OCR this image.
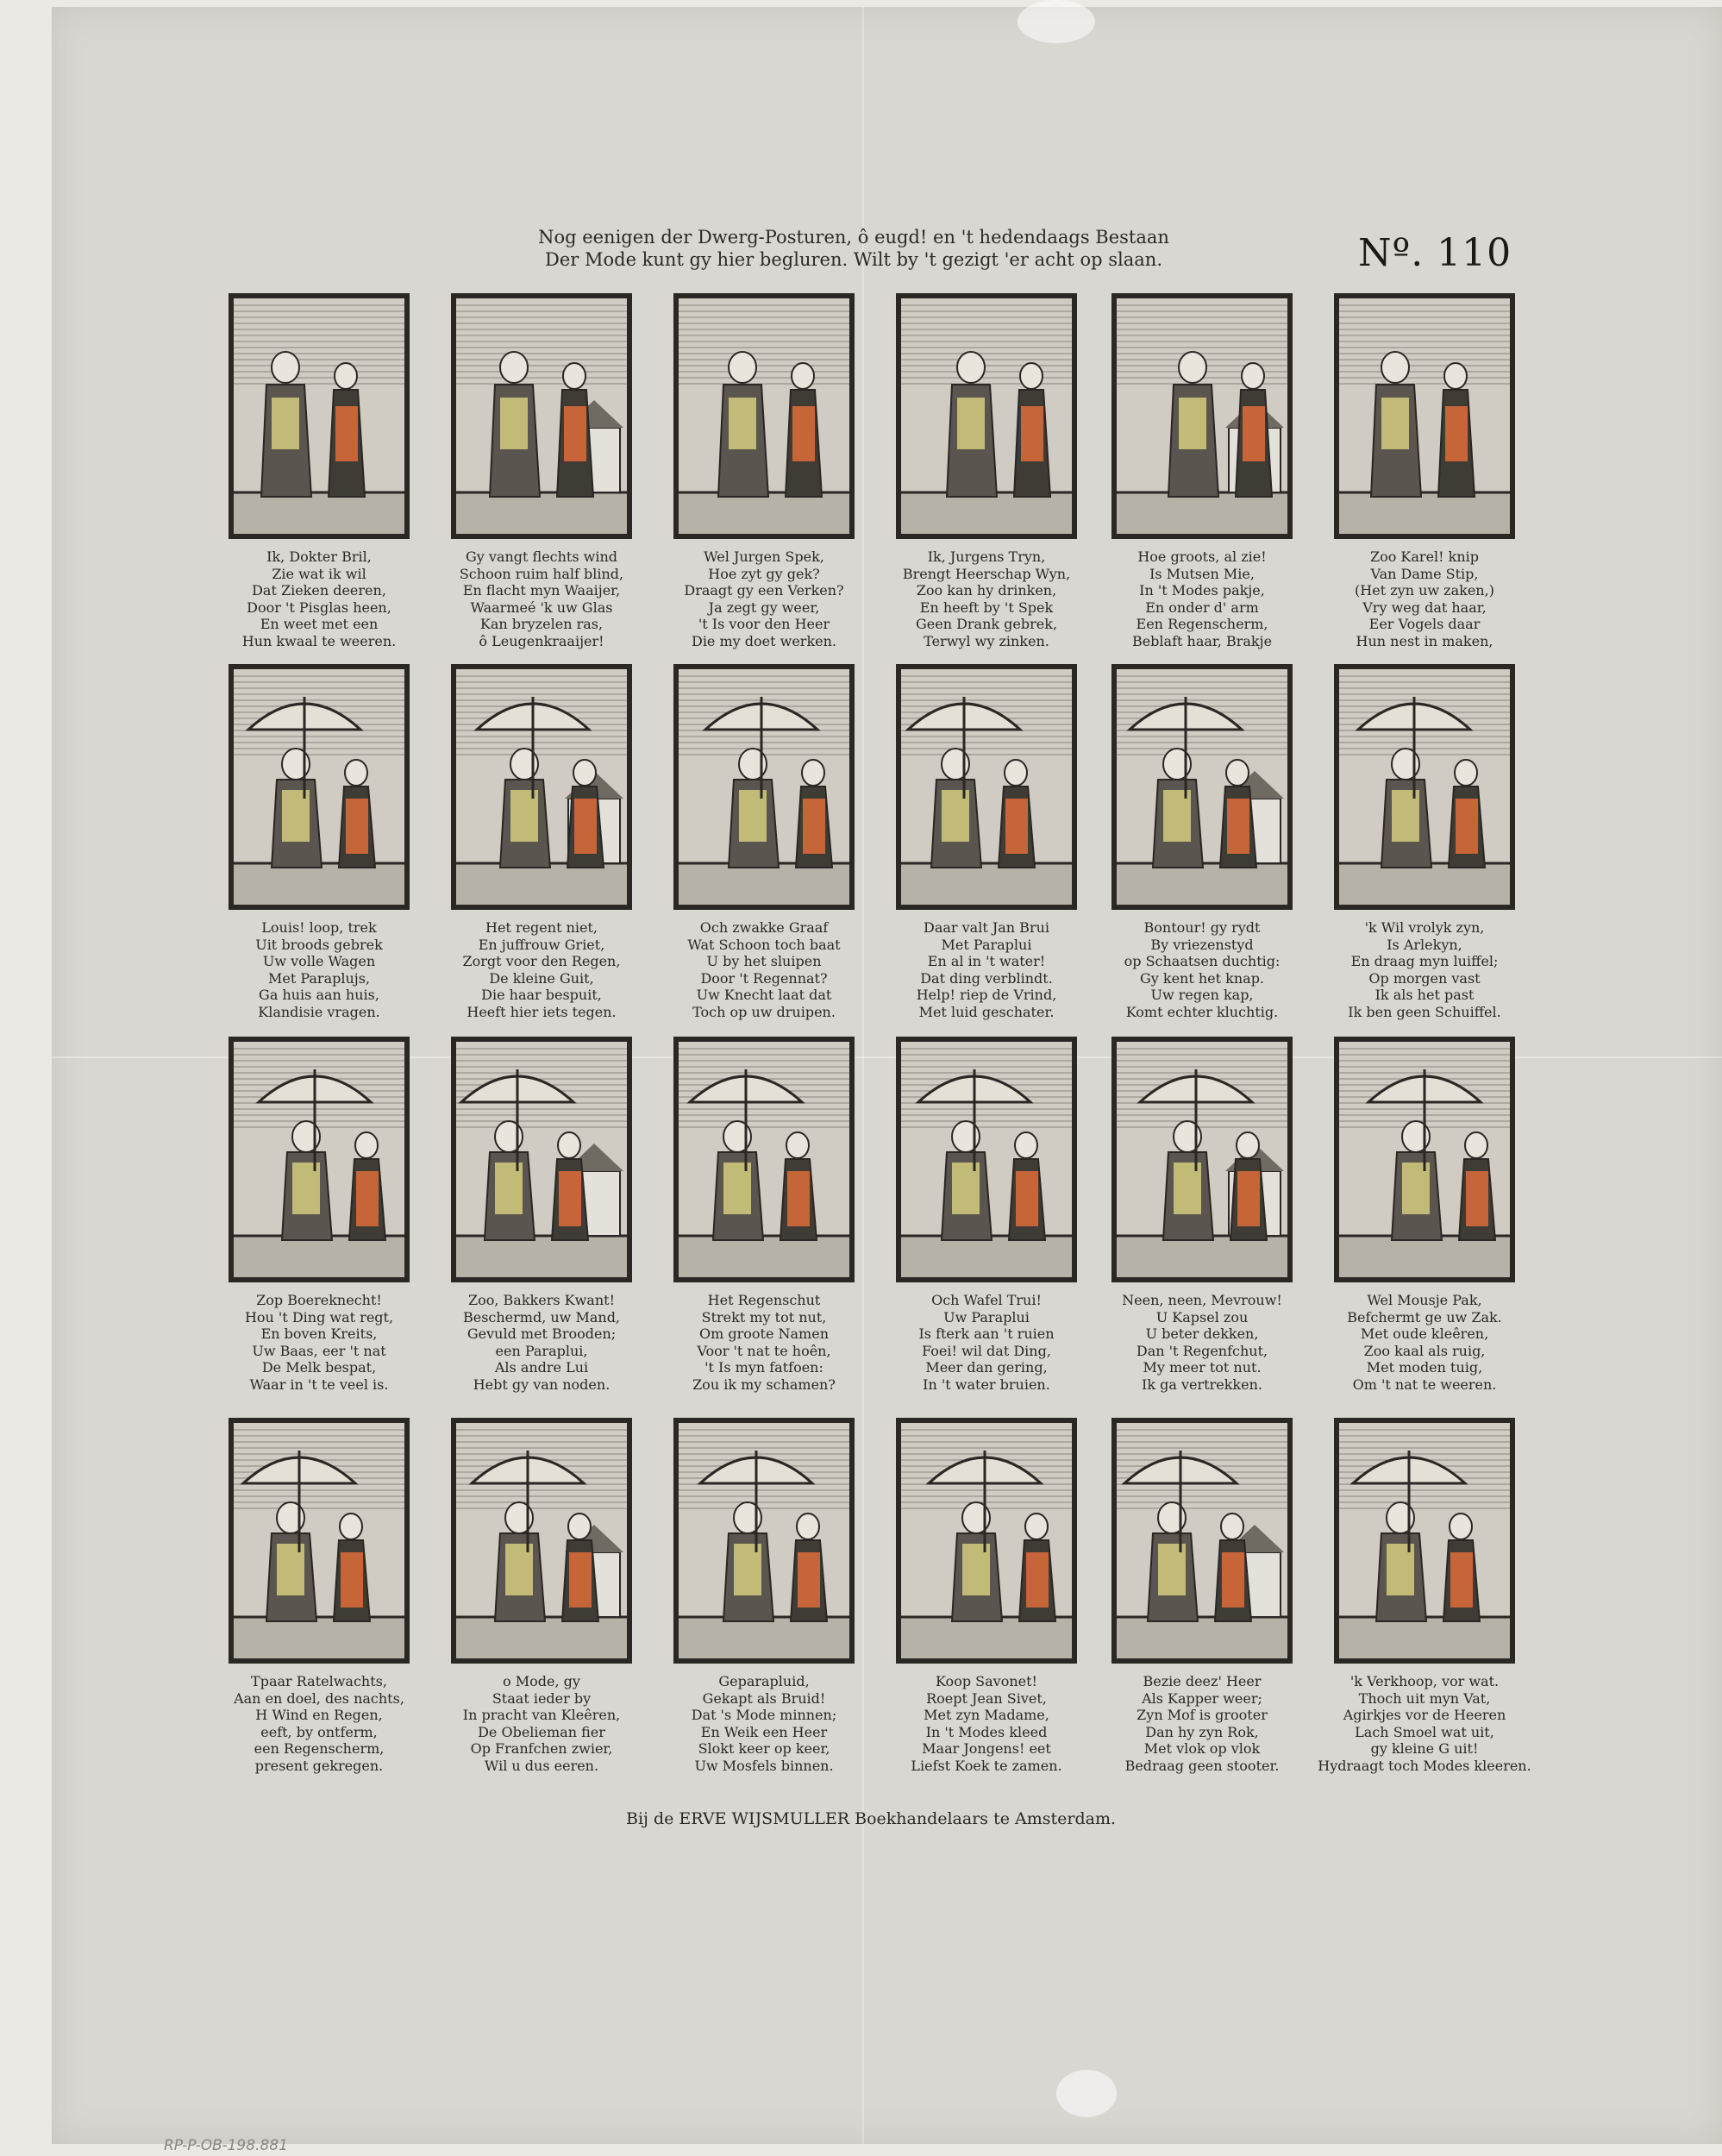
Nog eenigen der Dwerg-Posturen, ô eugd! en 't hedendaags Bestaan
Der Mode kunt gy hier begluren. Wilt by 't gezigt 'er acht op slaan.	Nº. 110
Ik, Dokter Bril,
Zie wat ik wil
Dat Zieken deeren,
Door 't Pisglas heen,
En weet met een
Hun kwaal te weeren.
Gy vangt flechts wind
Schoon ruim half blind,
En flacht myn Waaijer,
Waarmeé 'k uw Glas
Kan bryzelen ras,
ô Leugenkraaijer!
Wel Jurgen Spek,
Hoe zyt gy gek?
Draagt gy een Verken?
Ja zegt gy weer,
't Is voor den Heer
Die my doet werken.
Ik, Jurgens Tryn,
Brengt Heerschap Wyn,
Zoo kan hy drinken,
En heeft by 't Spek
Geen Drank gebrek,
Terwyl wy zinken.
Hoe groots, al zie!
Is Mutsen Mie,
In 't Modes pakje,
En onder d' arm
Een Regenscherm,
Beblaft haar, Brakje
Zoo Karel! knip
Van Dame Stip,
(Het zyn uw zaken,)
Vry weg dat haar,
Eer Vogels daar
Hun nest in maken,
Louis! loop, trek
Uit broods gebrek
Uw volle Wagen
Met Paraplujs,
Ga huis aan huis,
Klandisie vragen.
Het regent niet,
En juffrouw Griet,
Zorgt voor den Regen,
De kleine Guit,
Die haar bespuit,
Heeft hier iets tegen.
Och zwakke Graaf
Wat Schoon toch baat
U by het sluipen
Door 't Regennat?
Uw Knecht laat dat
Toch op uw druipen.
Daar valt Jan Brui
Met Paraplui
En al in 't water!
Dat ding verblindt.
Help! riep de Vrind,
Met luid geschater.
Bontour! gy rydt
By vriezenstyd
op Schaatsen duchtig:
Gy kent het knap.
Uw regen kap,
Komt echter kluchtig.
'k Wil vrolyk zyn,
Is Arlekyn,
En draag myn luiffel;
Op morgen vast
Ik als het past
Ik ben geen Schuiffel.
Zop Boereknecht!
Hou 't Ding wat regt,
En boven Kreits,
Uw Baas, eer 't nat
De Melk bespat,
Waar in 't te veel is.
Zoo, Bakkers Kwant!
Beschermd, uw Mand,
Gevuld met Brooden;
een Paraplui,
Als andre Lui
Hebt gy van noden.
Het Regenschut
Strekt my tot nut,
Om groote Namen
Voor 't nat te hoên,
't Is myn fatfoen:
Zou ik my schamen?
Och Wafel Trui!
Uw Paraplui
Is fterk aan 't ruien
Foei! wil dat Ding,
Meer dan gering,
In 't water bruien.
Neen, neen, Mevrouw!
U Kapsel zou
U beter dekken,
Dan 't Regenfchut,
My meer tot nut.
Ik ga vertrekken.
Wel Mousje Pak,
Befchermt ge uw Zak.
Met oude kleêren,
Zoo kaal als ruig,
Met moden tuig,
Om 't nat te weeren.
Tpaar Ratelwachts,
Aan en doel, des nachts,
H Wind en Regen,
eeft, by ontferm,
een Regenscherm,
present gekregen.
o Mode, gy
Staat ieder by
In pracht van Kleêren,
De Obelieman fier
Op Franfchen zwier,
Wil u dus eeren.
Geparapluid,
Gekapt als Bruid!
Dat 's Mode minnen;
En Weik een Heer
Slokt keer op keer,
Uw Mosfels binnen.
Koop Savonet!
Roept Jean Sivet,
Met zyn Madame,
In 't Modes kleed
Maar Jongens! eet
Liefst Koek te zamen.
Bezie deez' Heer
Als Kapper weer;
Zyn Mof is grooter
Dan hy zyn Rok,
Met vlok op vlok
Bedraag geen stooter.
'k Verkhoop, vor wat.
Thoch uit myn Vat,
Agirkjes vor de Heeren
Lach Smoel wat uit,
gy kleine G uit!
Hydraagt toch Modes kleeren.
Bij de ERVE WIJSMULLER Boekhandelaars te Amsterdam.
RP-P-OB-198.881
